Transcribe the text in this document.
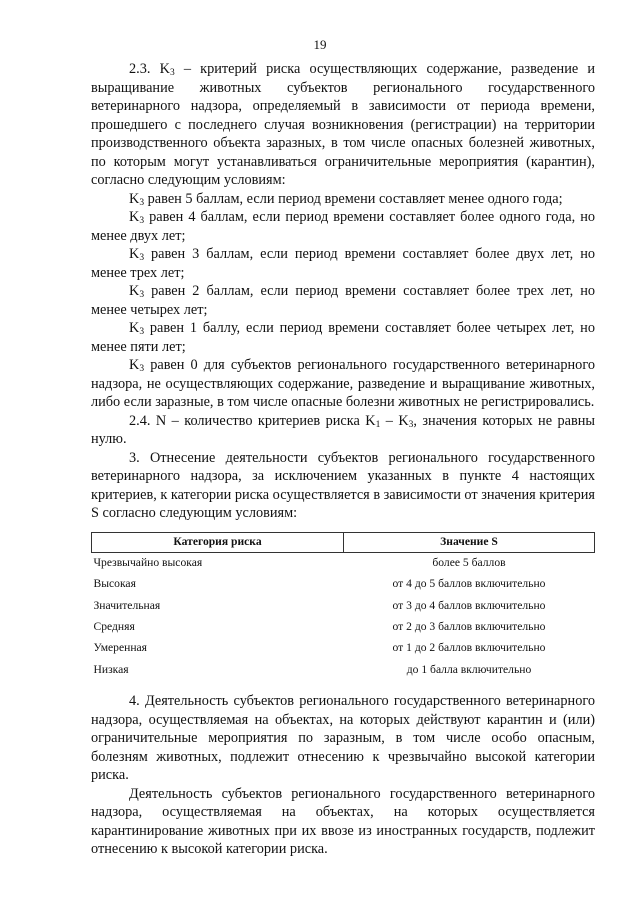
19

2.3. $K_3$ – критерий риска осуществляющих содержание, разведение и выращивание животных субъектов регионального государственного ветеринарного надзора, определяемый в зависимости от периода времени, прошедшего с последнего случая возникновения (регистрации) на территории производственного объекта заразных, в том числе опасных болезней животных, по которым могут устанавливаться ограничительные мероприятия (карантин), согласно следующим условиям:

$K_3$ равен 5 баллам, если период времени составляет менее одного года;

$K_3$ равен 4 баллам, если период времени составляет более одного года, но менее двух лет;

$K_3$ равен 3 баллам, если период времени составляет более двух лет, но менее трех лет;

$K_3$ равен 2 баллам, если период времени составляет более трех лет, но менее четырех лет;

$K_3$ равен 1 баллу, если период времени составляет более четырех лет, но менее пяти лет;

$K_3$ равен 0 для субъектов регионального государственного ветеринарного надзора, не осуществляющих содержание, разведение и выращивание животных, либо если заразные, в том числе опасные болезни животных не регистрировались.

2.4. N – количество критериев риска $K_1 - K_3$, значения которых не равны нулю.

3. Отнесение деятельности субъектов регионального государственного ветеринарного надзора, за исключением указанных в пункте 4 настоящих критериев, к категории риска осуществляется в зависимости от значения критерия S согласно следующим условиям:

Категория риска	Значение S
Чрезвычайно высокая	более 5 баллов
Высокая	от 4 до 5 баллов включительно
Значительная	от 3 до 4 баллов включительно
Средняя	от 2 до 3 баллов включительно
Умеренная	от 1 до 2 баллов включительно
Низкая	до 1 балла включительно

4. Деятельность субъектов регионального государственного ветеринарного надзора, осуществляемая на объектах, на которых действуют карантин и (или) ограничительные мероприятия по заразным, в том числе особо опасным, болезням животных, подлежит отнесению к чрезвычайно высокой категории риска.

Деятельность субъектов регионального государственного ветеринарного надзора, осуществляемая на объектах, на которых осуществляется карантинирование животных при их ввозе из иностранных государств, подлежит отнесению к высокой категории риска.
